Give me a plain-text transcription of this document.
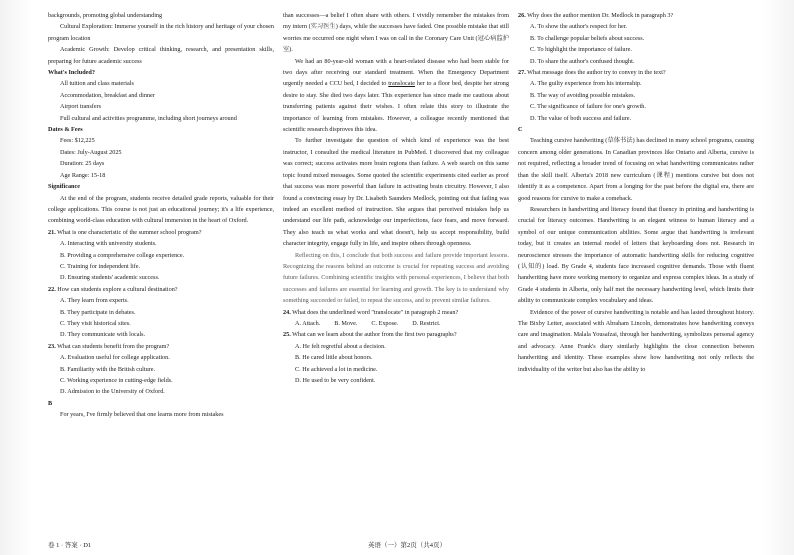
backgrounds, promoting global understanding

Cultural Exploration: Immerse yourself in the rich history and heritage of your chosen program location

Academic Growth: Develop critical thinking, research, and presentation skills, preparing for future academic success

What's Included?

All tuition and class materials

Accommodation, breakfast and dinner

Airport transfers

Full cultural and activities programme, including short journeys around

Dates & Fees

Fees: $12,225

Dates: July-August 2025

Duration: 25 days

Age Range: 15-18

Significance

At the end of the program, students receive detailed grade reports, valuable for their college applications. This course is not just an educational journey; it's a life experience, combining world-class education with cultural immersion in the heart of Oxford.

21. What is one characteristic of the summer school program?

A. Interacting with university students.

B. Providing a comprehensive college experience.

C. Training for independent life.

D. Ensuring students' academic success.

22. How can students explore a cultural destination?

A. They learn from experts.

B. They participate in debates.

C. They visit historical sites.

D. They communicate with locals.

23. What can students benefit from the program?

A. Evaluation useful for college application.

B. Familiarity with the British culture.

C. Working experience in cutting-edge fields.

D. Admission to the University of Oxford.

B

For years, I've firmly believed that one learns more from mistakes

than successes—a belief I often share with others. I vividly remember the mistakes from my intern (实习医生) days, while the successes have faded. One possible mistake that still worries me occurred one night when I was on call in the Coronary Care Unit (冠心病监护室).

We had an 80-year-old woman with a heart-related disease who had been stable for two days after receiving our standard treatment. When the Emergency Department urgently needed a CCU bed, I decided to translocate her to a floor bed, despite her strong desire to stay. She died two days later. This experience has since made me cautious about transferring patients against their wishes. I often relate this story to illustrate the importance of learning from mistakes. However, a colleague recently mentioned that scientific research disproves this idea.

To further investigate the question of which kind of experience was the best instructor, I consulted the medical literature in PubMed. I discovered that my colleague was correct; success activates more brain regions than failure. A web search on this same topic found mixed messages. Some quoted the scientific experiments cited earlier as proof that success was more powerful than failure in activating brain circuitry. However, I also found a convincing essay by Dr. Lisabeth Saunders Medlock, pointing out that failing was indeed an excellent method of instruction. She argues that perceived mistakes help us understand our life path, acknowledge our imperfections, face fears, and move forward. They also teach us what works and what doesn't, help us accept responsibility, build character integrity, engage fully in life, and inspire others through openness.

Reflecting on this, I conclude that both success and failure provide important lessons. Recognizing the reasons behind an outcome is crucial for repeating success and avoiding future failures. Combining scientific insights with personal experiences, I believe that both successes and failures are essential for learning and growth. The key is to understand why something succeeded or failed, to repeat the success, and to prevent similar failures.

24. What does the underlined word "translocate" in paragraph 2 mean?

A. Attach. B. Move. C. Expose. D. Restrict.

25. What can we learn about the author from the first two paragraphs?

A. He felt regretful about a decision.

B. He cared little about honors.

C. He achieved a lot in medicine.

D. He used to be very confident.

26. Why does the author mention Dr. Medlock in paragraph 3?

A. To show the author's respect for her.

B. To challenge popular beliefs about success.

C. To highlight the importance of failure.

D. To share the author's confused thought.

27. What message does the author try to convey in the text?

A. The guilty experience from his internship.

B. The way of avoiding possible mistakes.

C. The significance of failure for one's growth.

D. The value of both success and failure.

C

Teaching cursive handwriting (草体书法) has declined in many school programs, causing concern among older generations. In Canadian provinces like Ontario and Alberta, cursive is not required, reflecting a broader trend of focusing on what handwriting communicates rather than the skill itself. Alberta's 2018 new curriculum (课程) mentions cursive but does not identify it as a competence. Apart from a longing for the past before the digital era, there are good reasons for cursive to make a comeback.

Researchers in handwriting and literacy found that fluency in printing and handwriting is crucial for literacy outcomes. Handwriting is an elegant witness to human literacy and a symbol of our unique communication abilities. Some argue that handwriting is irrelevant today, but it creates an internal model of letters that keyboarding does not. Research in neuroscience stresses the importance of automatic handwriting skills for reducing cognitive (认知的) load. By Grade 4, students face increased cognitive demands. Those with fluent handwriting have more working memory to organize and express complex ideas. In a study of Grade 4 students in Alberta, only half met the necessary handwriting level, which limits their ability to communicate complex vocabulary and ideas.

Evidence of the power of cursive handwriting is notable and has lasted throughout history. The Bixby Letter, associated with Abraham Lincoln, demonstrates how handwriting conveys care and imagination. Malala Yousafzai, through her handwriting, symbolizes personal agency and advocacy. Anne Frank's diary similarly highlights the close connection between handwriting and identity. These examples show how handwriting not only reflects the individuality of the writer but also has the ability to

卷 1 · 答案 · D1	英语（一）第2页（共4页）
